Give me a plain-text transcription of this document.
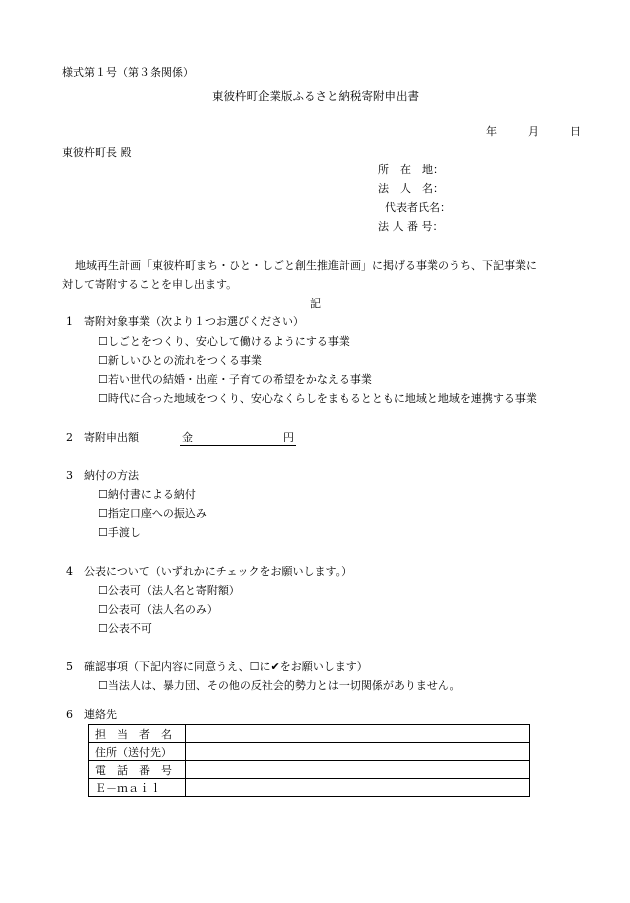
様式第１号（第３条関係）
東彼杵町企業版ふるさと納税寄附申出書
年	月	日
東彼杵町長 殿
所　在　地：
法　人　名：
代表者氏名：
法 人 番 号：
地域再生計画「東彼杵町まち・ひと・しごと創生推進計画」に掲げる事業のうち、下記事業に
対して寄附することを申し出ます。
記
1　寄附対象事業（次より１つお選びください）
☐しごとをつくり、安心して働けるようにする事業
☐新しいひとの流れをつくる事業
☐若い世代の結婚・出産・子育ての希望をかなえる事業
☐時代に合った地域をつくり、安心なくらしをまもるとともに地域と地域を連携する事業
2　寄附申出額	金	円
3　納付の方法
☐納付書による納付
☐指定口座への振込み
☐手渡し
4　公表について（いずれかにチェックをお願いします。）
☐公表可（法人名と寄附額）
☐公表可（法人名のみ）
☐公表不可
5　確認事項（下記内容に同意うえ、☐に✔をお願いします）
☐当法人は、暴力団、その他の反社会的勢力とは一切関係がありません。
6　連絡先
担　当　者　名	
住所（送付先）	
電　話　番　号	
Ｅ－ｍａｉｌ	
